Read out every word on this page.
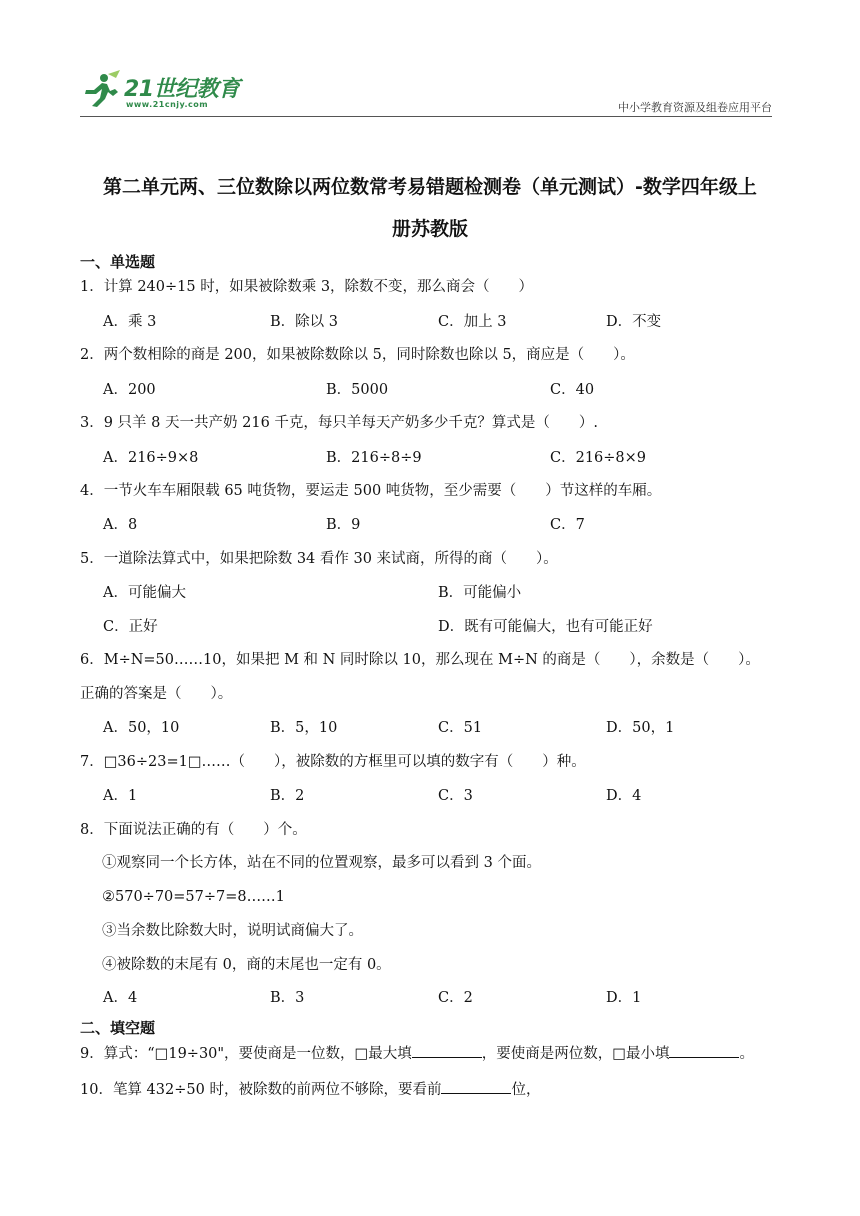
21世纪教育
www.21cnjy.com	中小学教育资源及组卷应用平台
第二单元两、三位数除以两位数常考易错题检测卷（单元测试）-数学四年级上
册苏教版
一、单选题
1．计算 240÷15 时，如果被除数乘 3，除数不变，那么商会（　　）
A．乘 3	B．除以 3	C．加上 3	D．不变
2．两个数相除的商是 200，如果被除数除以 5，同时除数也除以 5，商应是（　　）。
A．200	B．5000	C．40
3．9 只羊 8 天一共产奶 216 千克，每只羊每天产奶多少千克？算式是（　　）.
A．216÷9×8	B．216÷8÷9	C．216÷8×9
4．一节火车车厢限载 65 吨货物，要运走 500 吨货物，至少需要（　　）节这样的车厢。
A．8	B．9	C．7
5．一道除法算式中，如果把除数 34 看作 30 来试商，所得的商（　　）。
A．可能偏大	B．可能偏小
C．正好	D．既有可能偏大，也有可能正好
6．M÷N=50……10，如果把 M 和 N 同时除以 10，那么现在 M÷N 的商是（　　），余数是（　　）。
正确的答案是（　　）。
A．50，10	B．5，10	C．51	D．50，1
7．□36÷23=1□……（　　），被除数的方框里可以填的数字有（　　）种。
A．1	B．2	C．3	D．4
8．下面说法正确的有（　　）个。
①观察同一个长方体，站在不同的位置观察，最多可以看到 3 个面。
②570÷70=57÷7=8……1
③当余数比除数大时，说明试商偏大了。
④被除数的末尾有 0，商的末尾也一定有 0。
A．4	B．3	C．2	D．1
二、填空题
9．算式：“□19÷30"，要使商是一位数，□最大填	，要使商是两位数，□最小填	。
10．笔算 432÷50 时，被除数的前两位不够除，要看前	位，
